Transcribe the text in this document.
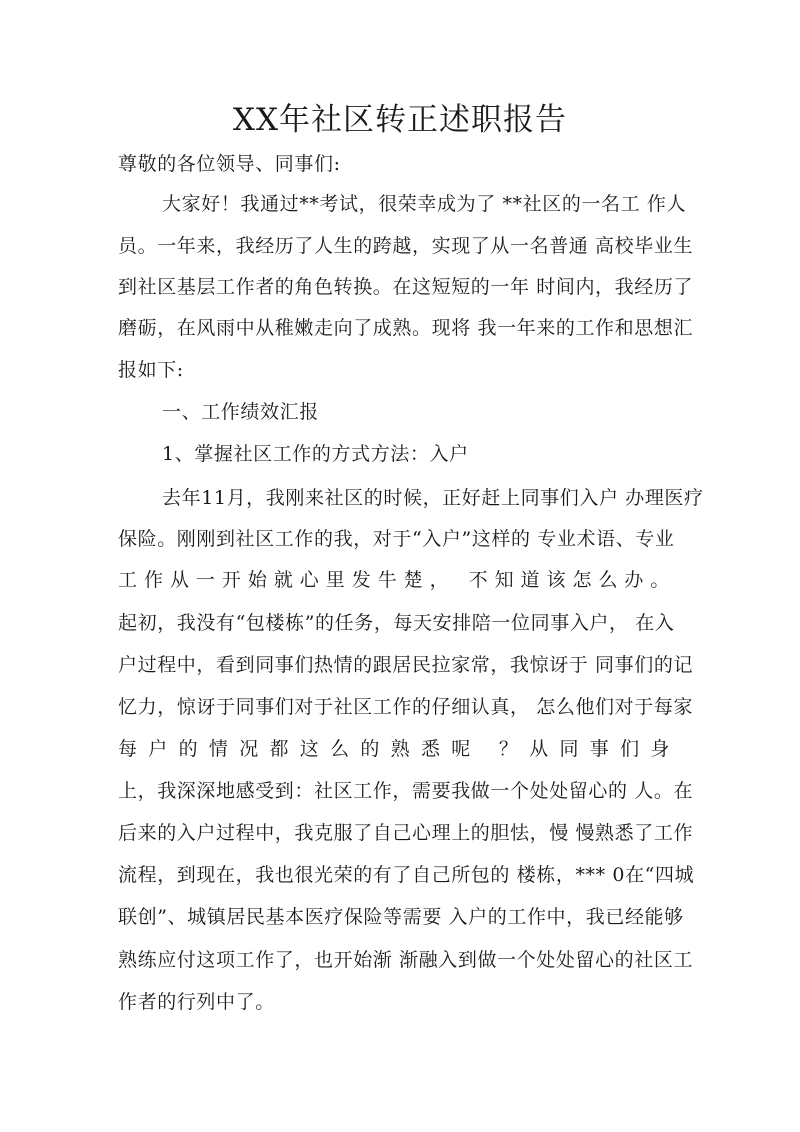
XX年社区转正述职报告
尊敬的各位领导、同事们:
大家好！我通过**考试，很荣幸成为了 **社区的一名工 作人
员。一年来，我经历了人生的跨越，实现了从一名普通 高校毕业生
到社区基层工作者的角色转换。在这短短的一年 时间内，我经历了
磨砺，在风雨中从稚嫩走向了成熟。现将 我一年来的工作和思想汇
报如下:
一、工作绩效汇报
1、掌握社区工作的方式方法：入户
去年11月，我刚来社区的时候，正好赶上同事们入户 办理医疗
保险。刚刚到社区工作的我，对于“入户”这样的 专业术语、专业
工作从一开始就心里发牛楚， 不知道该怎么办。
起初，我没有“包楼栋”的任务，每天安排陪一位同事入户， 在入
户过程中，看到同事们热情的跟居民拉家常，我惊讶于 同事们的记
忆力，惊讶于同事们对于社区工作的仔细认真， 怎么他们对于每家
每户的情况都这么的熟悉呢 ？从同事们身
上，我深深地感受到：社区工作，需要我做一个处处留心的 人。在
后来的入户过程中，我克服了自己心理上的胆怯，慢 慢熟悉了工作
流程，到现在，我也很光荣的有了自己所包的 楼栋，*** 0在“四城
联创”、城镇居民基本医疗保险等需要 入户的工作中，我已经能够
熟练应付这项工作了，也开始渐 渐融入到做一个处处留心的社区工
作者的行列中了。
